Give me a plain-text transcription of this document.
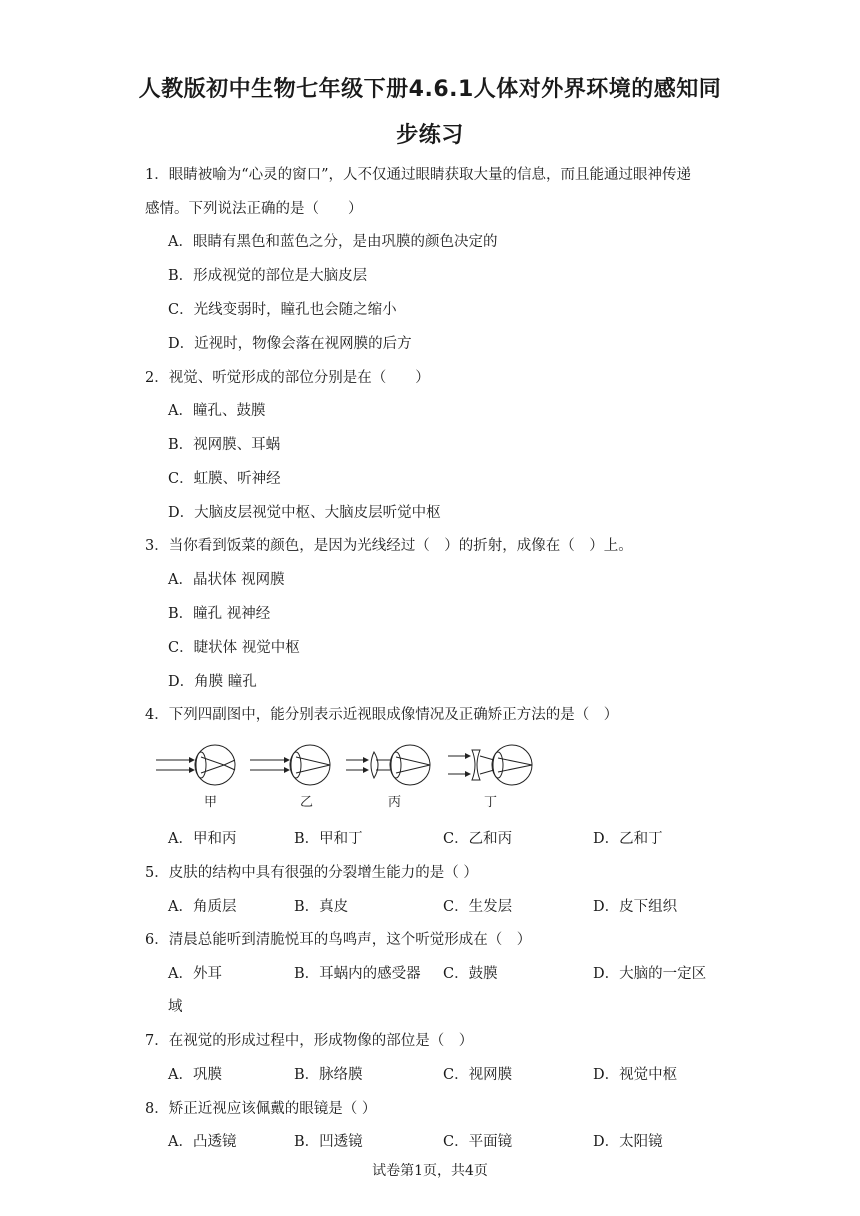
人教版初中生物七年级下册4.6.1人体对外界环境的感知同
步练习
1．眼睛被喻为“心灵的窗口”，人不仅通过眼睛获取大量的信息，而且能通过眼神传递
感情。下列说法正确的是（　　）
A．眼睛有黑色和蓝色之分，是由巩膜的颜色决定的
B．形成视觉的部位是大脑皮层
C．光线变弱时，瞳孔也会随之缩小
D．近视时，物像会落在视网膜的后方
2．视觉、听觉形成的部位分别是在（　　）
A．瞳孔、鼓膜
B．视网膜、耳蜗
C．虹膜、听神经
D．大脑皮层视觉中枢、大脑皮层听觉中枢
3．当你看到饭菜的颜色，是因为光线经过（　）的折射，成像在（　）上。
A．晶状体 视网膜
B．瞳孔 视神经
C．睫状体 视觉中枢
D．角膜 瞳孔
4．下列四副图中，能分别表示近视眼成像情况及正确矫正方法的是（　）
甲	乙	丙	丁
A．甲和丙	B．甲和丁	C．乙和丙	D．乙和丁
5．皮肤的结构中具有很强的分裂增生能力的是（ ）
A．角质层	B．真皮	C．生发层	D．皮下组织
6．清晨总能听到清脆悦耳的鸟鸣声，这个听觉形成在（　）
A．外耳	B．耳蜗内的感受器 C．鼓膜	D．大脑的一定区
域
7．在视觉的形成过程中，形成物像的部位是（　）
A．巩膜	B．脉络膜	C．视网膜	D．视觉中枢
8．矫正近视应该佩戴的眼镜是（ ）
A．凸透镜	B．凹透镜	C．平面镜	D．太阳镜
试卷第1页，共4页
